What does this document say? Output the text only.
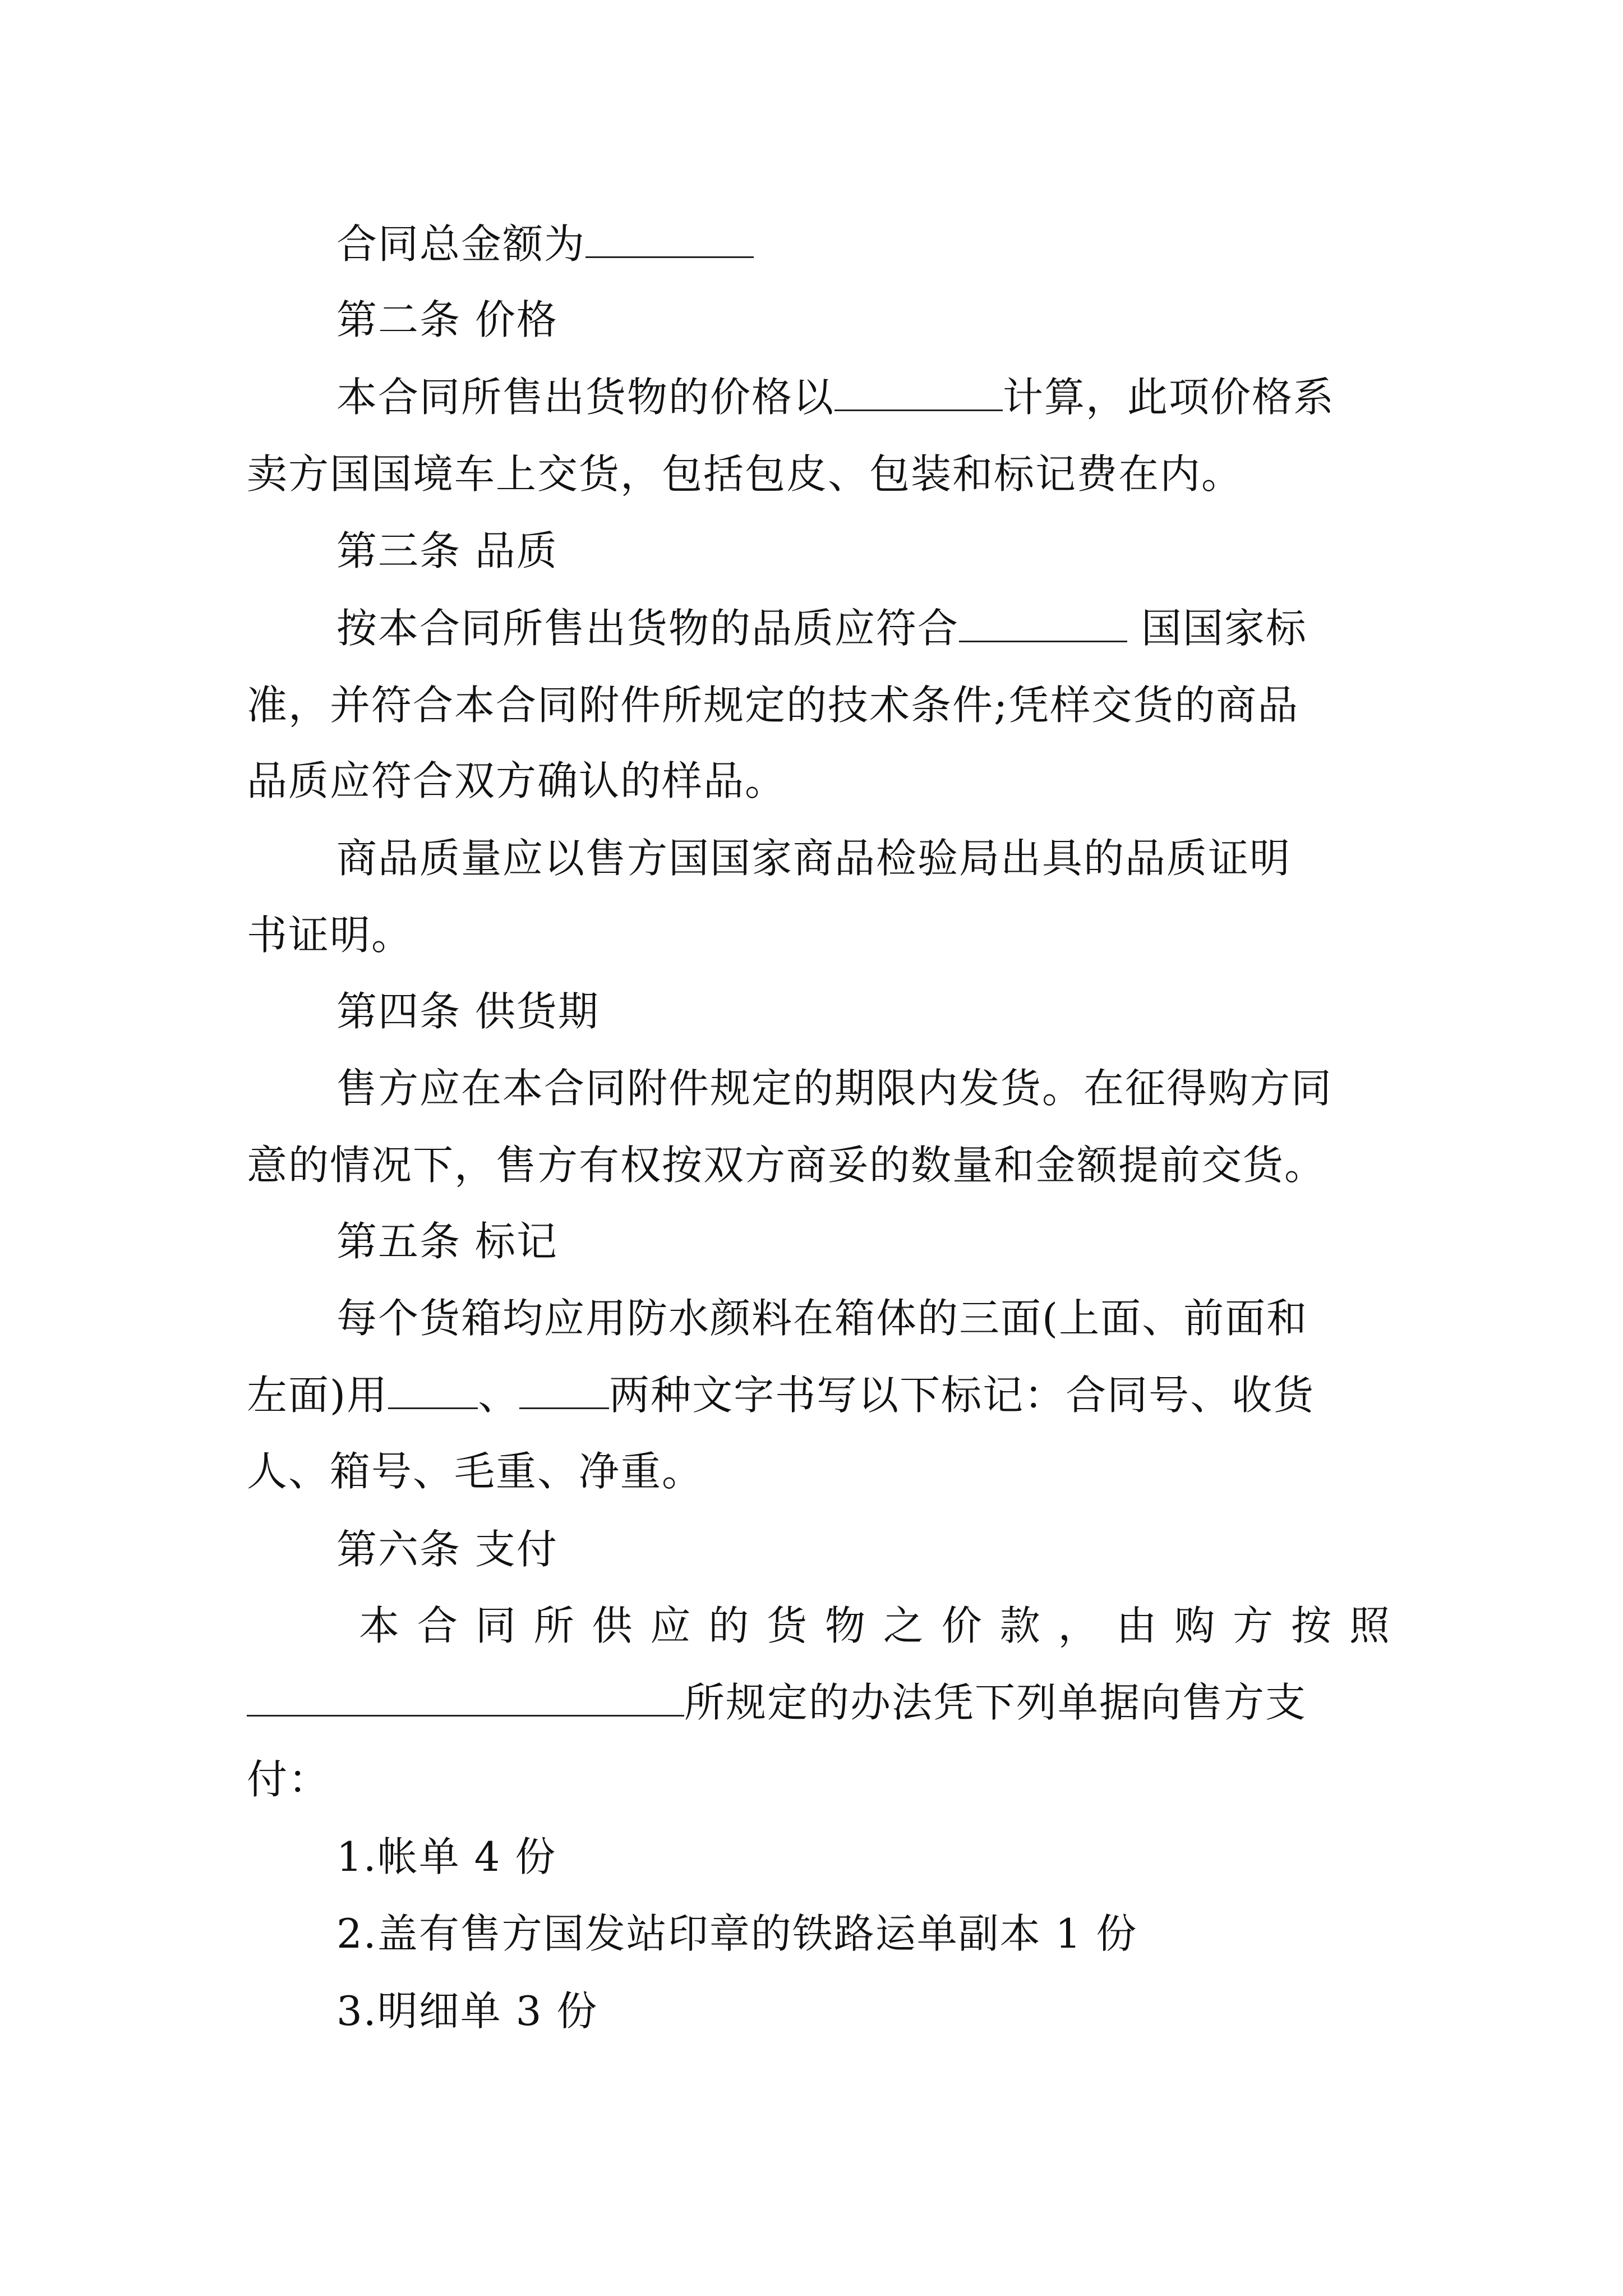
合同总金额为
第二条 价格
本合同所售出货物的价格以	计算，此项价格系
卖方国国境车上交货，包括包皮、包装和标记费在内。
第三条 品质
按本合同所售出货物的品质应符合	国国家标
准，并符合本合同附件所规定的技术条件;凭样交货的商品
品质应符合双方确认的样品。
商品质量应以售方国国家商品检验局出具的品质证明
书证明。
第四条 供货期
售方应在本合同附件规定的期限内发货。在征得购方同
意的情况下，售方有权按双方商妥的数量和金额提前交货。
第五条 标记
每个货箱均应用防水颜料在箱体的三面(上面、前面和
左面)用 、 两种文字书写以下标记：合同号、收货
人、箱号、毛重、净重。
第六条 支付
本 合 同 所 供 应 的 货 物 之 价 款 ， 由 购 方 按 照
所规定的办法凭下列单据向售方支
付：
1.帐单 4 份
2.盖有售方国发站印章的铁路运单副本 1 份
3.明细单 3 份
